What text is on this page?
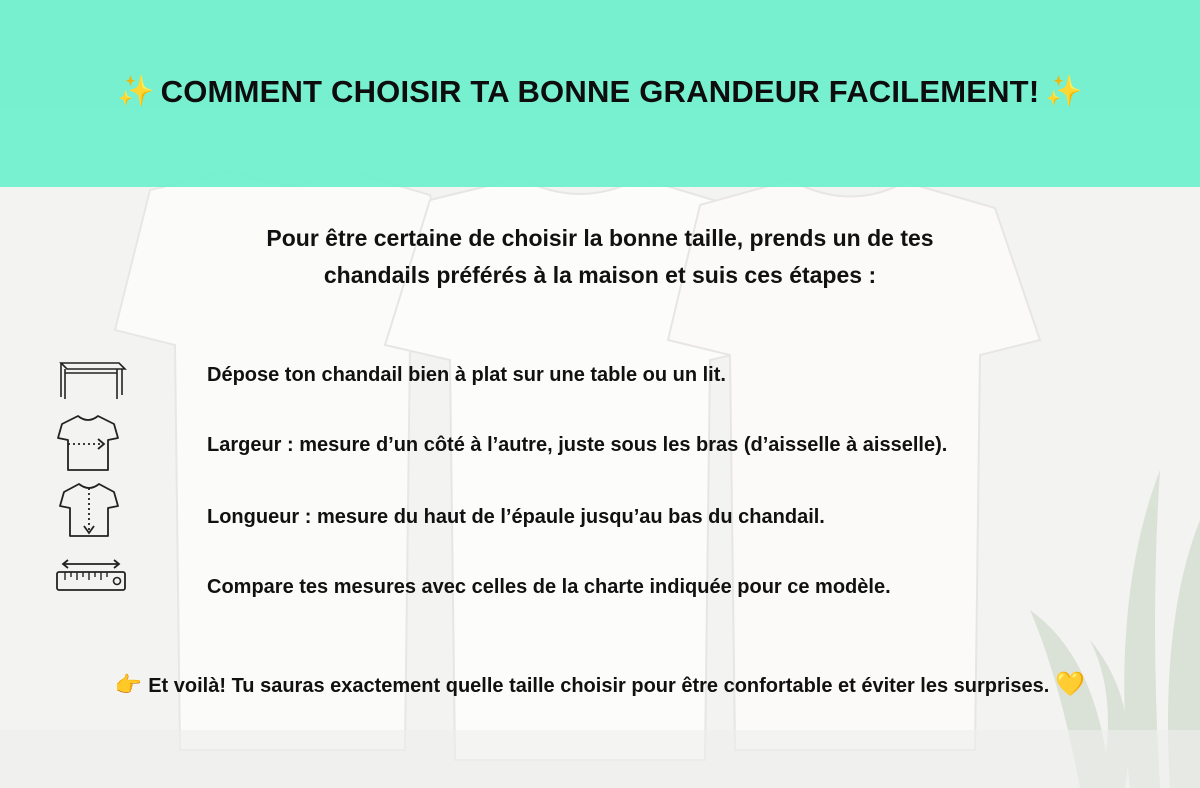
✨ COMMENT CHOISIR TA BONNE GRANDEUR FACILEMENT! ✨
Pour être certaine de choisir la bonne taille, prends un de tes
chandails préférés à la maison et suis ces étapes :
Dépose ton chandail bien à plat sur une table ou un lit.
Largeur : mesure d’un côté à l’autre, juste sous les bras (d’aisselle à aisselle).
Longueur : mesure du haut de l’épaule jusqu’au bas du chandail.
Compare tes mesures avec celles de la charte indiquée pour ce modèle.
👉 Et voilà! Tu sauras exactement quelle taille choisir pour être confortable et éviter les surprises. 💛
